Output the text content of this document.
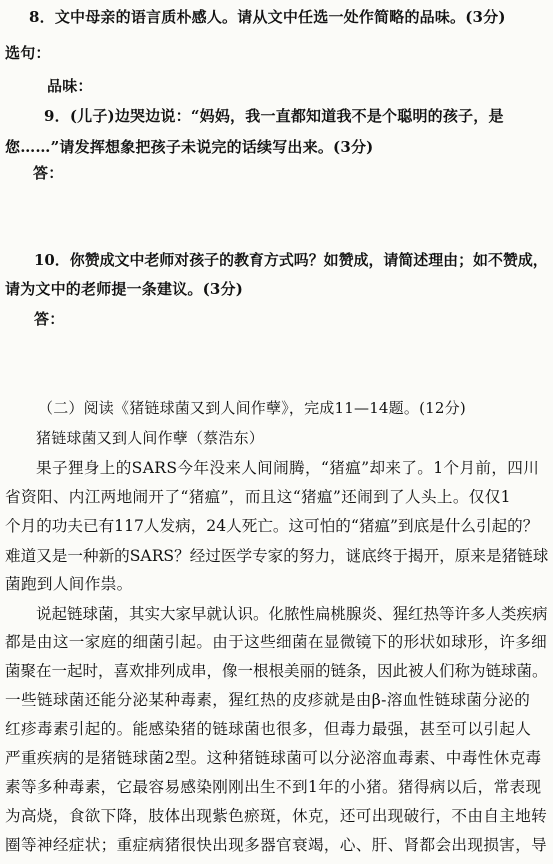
8．文中母亲的语言质朴感人。请从文中任选一处作简略的品味。(3分)
选句：
品味：
9．(儿子)边哭边说：“妈妈，我一直都知道我不是个聪明的孩子，是
您……”请发挥想象把孩子未说完的话续写出来。(3分)
答：
10．你赞成文中老师对孩子的教育方式吗？如赞成，请简述理由；如不赞成，
请为文中的老师提一条建议。(3分)
答：
（二）阅读《猪链球菌又到人间作孽》，完成11—14题。(12分)
猪链球菌又到人间作孽（蔡浩东）
果子狸身上的SARS今年没来人间闹腾，“猪瘟”却来了。1个月前，四川
省资阳、内江两地闹开了“猪瘟”，而且这“猪瘟”还闹到了人头上。仅仅1
个月的功夫已有117人发病，24人死亡。这可怕的“猪瘟”到底是什么引起的？
难道又是一种新的SARS？经过医学专家的努力，谜底终于揭开，原来是猪链球
菌跑到人间作祟。
说起链球菌，其实大家早就认识。化脓性扁桃腺炎、猩红热等许多人类疾病
都是由这一家庭的细菌引起。由于这些细菌在显微镜下的形状如球形，许多细
菌聚在一起时，喜欢排列成串，像一根根美丽的链条，因此被人们称为链球菌。
一些链球菌还能分泌某种毒素，猩红热的皮疹就是由β-溶血性链球菌分泌的
红疹毒素引起的。能感染猪的链球菌也很多，但毒力最强，甚至可以引起人
严重疾病的是猪链球菌2型。这种猪链球菌可以分泌溶血毒素、中毒性休克毒
素等多种毒素，它最容易感染刚刚出生不到1年的小猪。猪得病以后，常表现
为高烧，食欲下降，肢体出现紫色瘀斑，休克，还可出现破行，不由自主地转
圈等神经症状；重症病猪很快出现多器官衰竭，心、肝、肾都会出现损害，导
